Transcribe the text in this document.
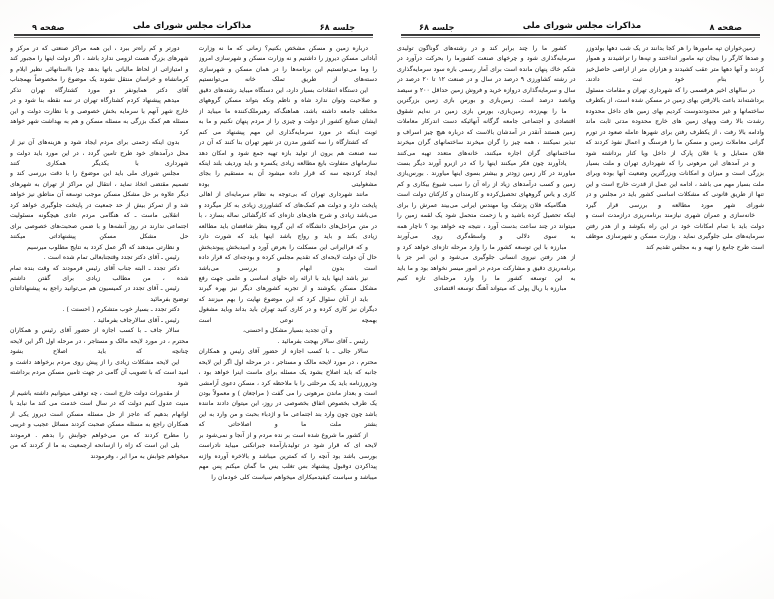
صفحه ۸
مذاکرات مجلس شورای ملی
جلسه ۶۸

زمین‌خواران تپه مامورها را هر کجا بدانند در یک شب دهها بولدوزر و صدها کارگر را بیجان تپه مامور انداختند و تپه‌ها را تراشیدند و هموار کردند و آنها دهها متر عقب کشیدند و هزاران متر از اراضی حاصل‌خیز را بنام خود ثبت دادند.

در سالهای اخیر هرقسمی را که شهرداری تهران و مقامات مسئول برداشته‌اند باعث بالارفتن بهای زمین در مسکن شده است، از یکطرف ساختمانها و غیر محدودندوست کردیم بهای زمین های داخل محدوده رشدت بالا رفت وبهای زمین های خارج محدوده مدتی ثابت ماند وادامه بالا رفت ، از یکطرف رفتن برای شهرها عامله صعود در تورم گرانی معاملات زمین و مسکن ما را فرسنگ و اعمال نفوذ کردند که فلان متمایل و یا فلان پارک از داخل ویا کنار برداشته شود

و در آمدهای این مرهونی را که شهرداری تهران و ملت بسیار بزرگی است و میزان و امکانات وبزرگترین وضعیت آنها بوده وبرای ملت بسیار مهم می باشد ، ادامه این عمل از قدرت خارج است و این تنها از طریق قانونی که مشکلات اساسی کشور باید در مجلس و در شورای شهر مورد مطالعه و بررسی قرار گیرد

خانه‌سازی و عمران شهری نیازمند برنامه‌ریزی درازمدت است و دولت باید با تمام امکانات خود در این راه بکوشد و از هدر رفتن سرمایه‌های ملی جلوگیری نماید ، وزارت مسکن و شهرسازی موظف است طرح جامع را تهیه و به مجلس تقدیم کند

کشور ما را چند برابر کند و در رشته‌های گوناگون تولیدی سرمایه‌گذاری شود و چرخهای صنعت کشورما را بحرکت درآورد در شکم خاك پنهان مانده است برای آمار رسمی بازه سود سرمایه‌گذاری در رشته کشاورزی ۹ درصد در سال و در صنعت ۱۲ تا ۲۰ درصد در سال و سرمایه‌گذاری دروازه خرید و فروش زمین حداقل ۲۰۰ و سیصد وپانصد درصد است. زمین‌بازی و بورس بازی زمین بزرگترین

ما را بهم‌زده، زمین‌بازی، بورس بازی زمین در نه‌ایم شقوق اقتصادی و اجتماعی جامعه گرگانه آنهائیکه دست اندرکار معاملات زمین هستند آنقدر در آمدشان بالاست که درباره هیچ چیز اسراف و تبذیر نمیکنند ، همه چیز را گران میخرند ساختمانهای گران میخرند ساختمانهای گران اجاره میکنند، خانه‌های متعدد تهیه می‌کنند

یادآورند چون فکر میکنند اینها را که در ازبرو آورند دیگر بست میاورند در کار زمین زودتر و بیشتر بسوی اینها میاورند . بورس‌بازی زمین و کسب درآمدهای زیاد از راه آن را سبب شیوع بیکاری و کم کاری و یاس گروههای تحصیل‌کرده و کارمندان و کارکنان دولت است

هنگامیکه فلان پزشک وبا مهندس ایرانی می‌بیند عمرش را برای اینکه تحصیل کرده باشید و با زحمت متحمل شود یک لقمه زمین را میتواند در چند ساعت بدست آورد ، نتیجه چه خواهد بود ؟ ناچار همه به سوی دلالی و واسطه‌گری روی می‌آورند

مبارزه با این توسعه کشور ما را وارد مرحله تازه‌ای خواهد کرد و از هدر رفتن نیروی انسانی جلوگیری می‌شود و این امر جز با برنامه‌ریزی دقیق و مشارکت مردم در امور میسر نخواهد بود و ما باید به این توسعه کشور ما را وارد مرحله‌ای تازه کنیم

مبارزه با ریال پولی که میتواند آهنگ توسعه اقتصادی

جلسه ۶۸
مذاکرات مجلس شورای ملی
صفحه ۹

درباره زمین و مسکن مشخص بکنیم؟ زمانی که ما نه وزارت آبادانی مسکن دیروز را داشتیم و نه وزارت مسکن و شهرسازی امروز را وما می‌توانستیم این برنامه‌ها را در همان مسکن و شهرسازی دسته‌های از طریق تملک خانه می‌توانستیم

این دستگاه انتقادات بسیار دارد، این دستگاه میباید رشته‌های دقیق و صلاحیت وتوان ندارد شاه و ناظم ونکه بتواند مسکن گروههای مختلف جامعه داشته باشد، هماهنگ‌که رهبرملک‌کننده ما میباید از ایشان صنایع کشور از دولت و چیزی را از مردم پنهان نکنیم و ما به ثوبت اینکه در مورد سرمایه‌گذاری این مهم پیشنهاد می کنم

که کشتارگاه را سه کشور مدرن در شهر تهران بنا کنند که آن در سه صنعت هم برون از تولید بازه تهیه جمع شود و امکان دهد سازمانهای متفاوت بایع مطالعه زیادی یکسره و باید وردیف بلند اینکه ایجاد کردنچه سه که قرار داده میشود آن به مستقیم را بجای مشغولیتی بوده

مانند شهرداری تهران که بی‌توجه به نظام سرمایه‌ای از اهالی پایخت دارد و دولت هم کمک‌های که کشاورزی زیادی به کار میگردد و می‌باشد زیادی و شرح های‌های تازه‌ای که کارگشائی نماله بسازد ، با در متن مراحل‌های دانشگاه که این گروه بنظر شافضان باید مطالعه زیادی بکند و باید و رواج باشد اینها باید که شورت دارد

و که فراایرانی این مسکلت را بعرض آورد و امیدبخش پیوندبخش حال آن دولت لایحه‌ای که تقدیم مجلس کرده و بودجه‌ای که قرار داده است بدون ابهام و بررسی می‌باشد

نیز باشد اینها باید با ارائه راه حلهای اساسی و علمی جهت رفع مشکل مسکن بکوشند و از تجربه کشورهای دیگر نیز بهره گیرند

باید از آنان سئوال کرد که این موضوع نهایت را بهم میزنند که دیگران نیز کاری کرده و در کاری کنید تهران باید بداند وباید مشغول بهمچه نوعی است

و آن تجدید بسیار مشکل و احسنی،

رئیس ـ آقای سالار بهجت بفرمائید .

سالار جالی ـ با کسب اجازه از حضور آقای رئیس و همکاران محترم ، در مورد لایحه مالک و مستاجر ، در مرحله اول اگر این لایحه جانبه که باید اصلاح بشود یک مسئله برای ماست اینرا خواهد بود ، ودرورزنامه باید یک مرحلتی را با ملاحظه کرد ، مسکن دعوی آرامشی است و بعداز ماندن مرهونی را می گفت ( مراجعان ) و معمولاً بودن یک طرف بخصوص اتفاق بخصوصی در روز، این میتوان دادند ماننده باشد چون چون وارد بند اجتماعی ما و اژدباء بحبت و من وارد به این بشتر ملت ما و اصلاحاتی که

از کشور ما شروع شده است بر نده مردم و از آنجا و نمی‌شود بر لایحه ای که قرار شود در تولیدبارآمده جبرانکنی میباید نادراست بورسی باشد بود آنچه را که کمترین میباشد و بالاخره آورده واژنه پیداکردن دوقبول پیشنهاد بس تغلب یس ما گمان میکنم پس مهم میباشد و سیاست کیفیدمیکارای میخواهم سیاست کلی خودمان را

دورتر و کم راه‌تر ببرد ، این همه مراکز صنعتی که در مرکز و شهرهای بزرگ هست لزومی ندارد باشد ، اگر دولت اینها را مجبور کند و امتیازاتی از لحاظ مالیاتی باتها بدهد چرا بااستانهائی نظیر ایلام و کرمانشاه و خراسان منتقل نشوند یک موضوع را مخصوصاً بهمجناب آقای دکتر همایونفر دو مورد کشتارگاه تهران تذکر

میدهم پیشنهاد کردم کشتارگاه تهران در سه نقطه بنا شود و در خارج شهر آنهم با سرمایه بخش خصوصی و با نظارت دولت و این مسئله هم کمک بزرگی به مسئله مسکن و هم به بهداشت شهر خواهد کرد

بدون اینکه زحمتی برای مردم ایجاد شود و هزینه‌های آن نیز از محل درآمدهای خود طرح تامین گردد ، در این مورد باید دولت و شهرداری با یکدیگر همکاری کنند

مجلس شورای ملی باید این موضوع را با دقت بررسی کند و تصمیم مقتضی اتخاذ نماید ، انتقال این مراکز از تهران به شهرهای دیگر علاوه بر حل مشکل مسکن موجب توسعه آن مناطق نیز خواهد شد و از تمرکز بیش از حد جمعیت در پایتخت جلوگیری خواهد کرد

انقلابی ماست ـ که هنگامی مردم عادی هیچگونه مسئولیت اجتماعی ندارند در روز آنشه‌ها و با ضمن صحبت‌های خصوصی برای حل مشکل مسکن پیشنهاداتی میکنند

و نظارتی میدهند که اگر عمل کردد به نتایج مطلوب میرسیم

رئیس ـ آقای دکتر تجدد وقتجنابعالی تمام شده است .

دکتر تجدد ـ البته جناب آقای رئیس فرمودند که وقت بنده تمام شده ، من مطالب زیادی برای گفتن داشتم

رئیس ـ آقای تجدد در کمیسیون هم می‌توانید راجع به پیشنهاداتتان توضیح بفرمائید

دکتر تجدد ـ بسیار خوب متشکرم ( احسنت ) .

رئیس ـ آقای سالارجاف بفرمائید .

سالار جاف ـ با کسب اجازه از حضور آقای رئیس و همکاران محترم ، در مورد لایحه مالک و مستاجر ، در مرحله اول اگر این لایحه چنانچه که باید اصلاح بشود

این لایحه مشکلات زیادی را از پیش روی مردم برخواهد داشت و امید است که با تصویب آن گامی در جهت تامین مسکن مردم برداشته شود

از مقدورات دولت خارج است ، چه توقفی میتوانیم داشته باشیم از منیت عدول کنیم دولت که در سال است خدمت می کند ما نباید با اوانهام بدهیم که عاجز از حل مسئله مسکن است دیروز یکی از همکاران راجع به مسئله مسکن صحبت کردند مسائل عجیب و غریبی را مطرح کردند که من می‌خواهم جوابش را بدهم . فرمودند

بلی این است که زاه را ازسانحه ارجمعیت به ما از کردند که من میخواهم جوابش به مرا ابر ، وفرمودند
